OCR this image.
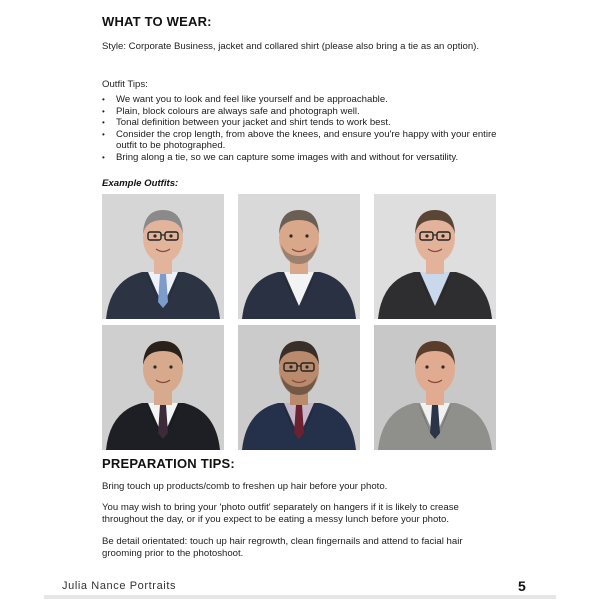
WHAT TO WEAR:
Style: Corporate Business, jacket and collared shirt (please also bring a tie as an option).
Outfit Tips:
• We want you to look and feel like yourself and be approachable.
• Plain, block colours are always safe and photograph well.
• Tonal definition between your jacket and shirt tends to work best.
• Consider the crop length, from above the knees, and ensure you're happy with your entire outfit to be photographed.
• Bring along a tie, so we can capture some images with and without for versatility.
Example Outfits:
PREPARATION TIPS:
Bring touch up products/comb to freshen up hair before your photo.
You may wish to bring your 'photo outfit' separately on hangers if it is likely to crease throughout the day, or if you expect to be eating a messy lunch before your photo.
Be detail orientated: touch up hair regrowth, clean fingernails and attend to facial hair grooming prior to the photoshoot.
Julia Nance Portraits	5
